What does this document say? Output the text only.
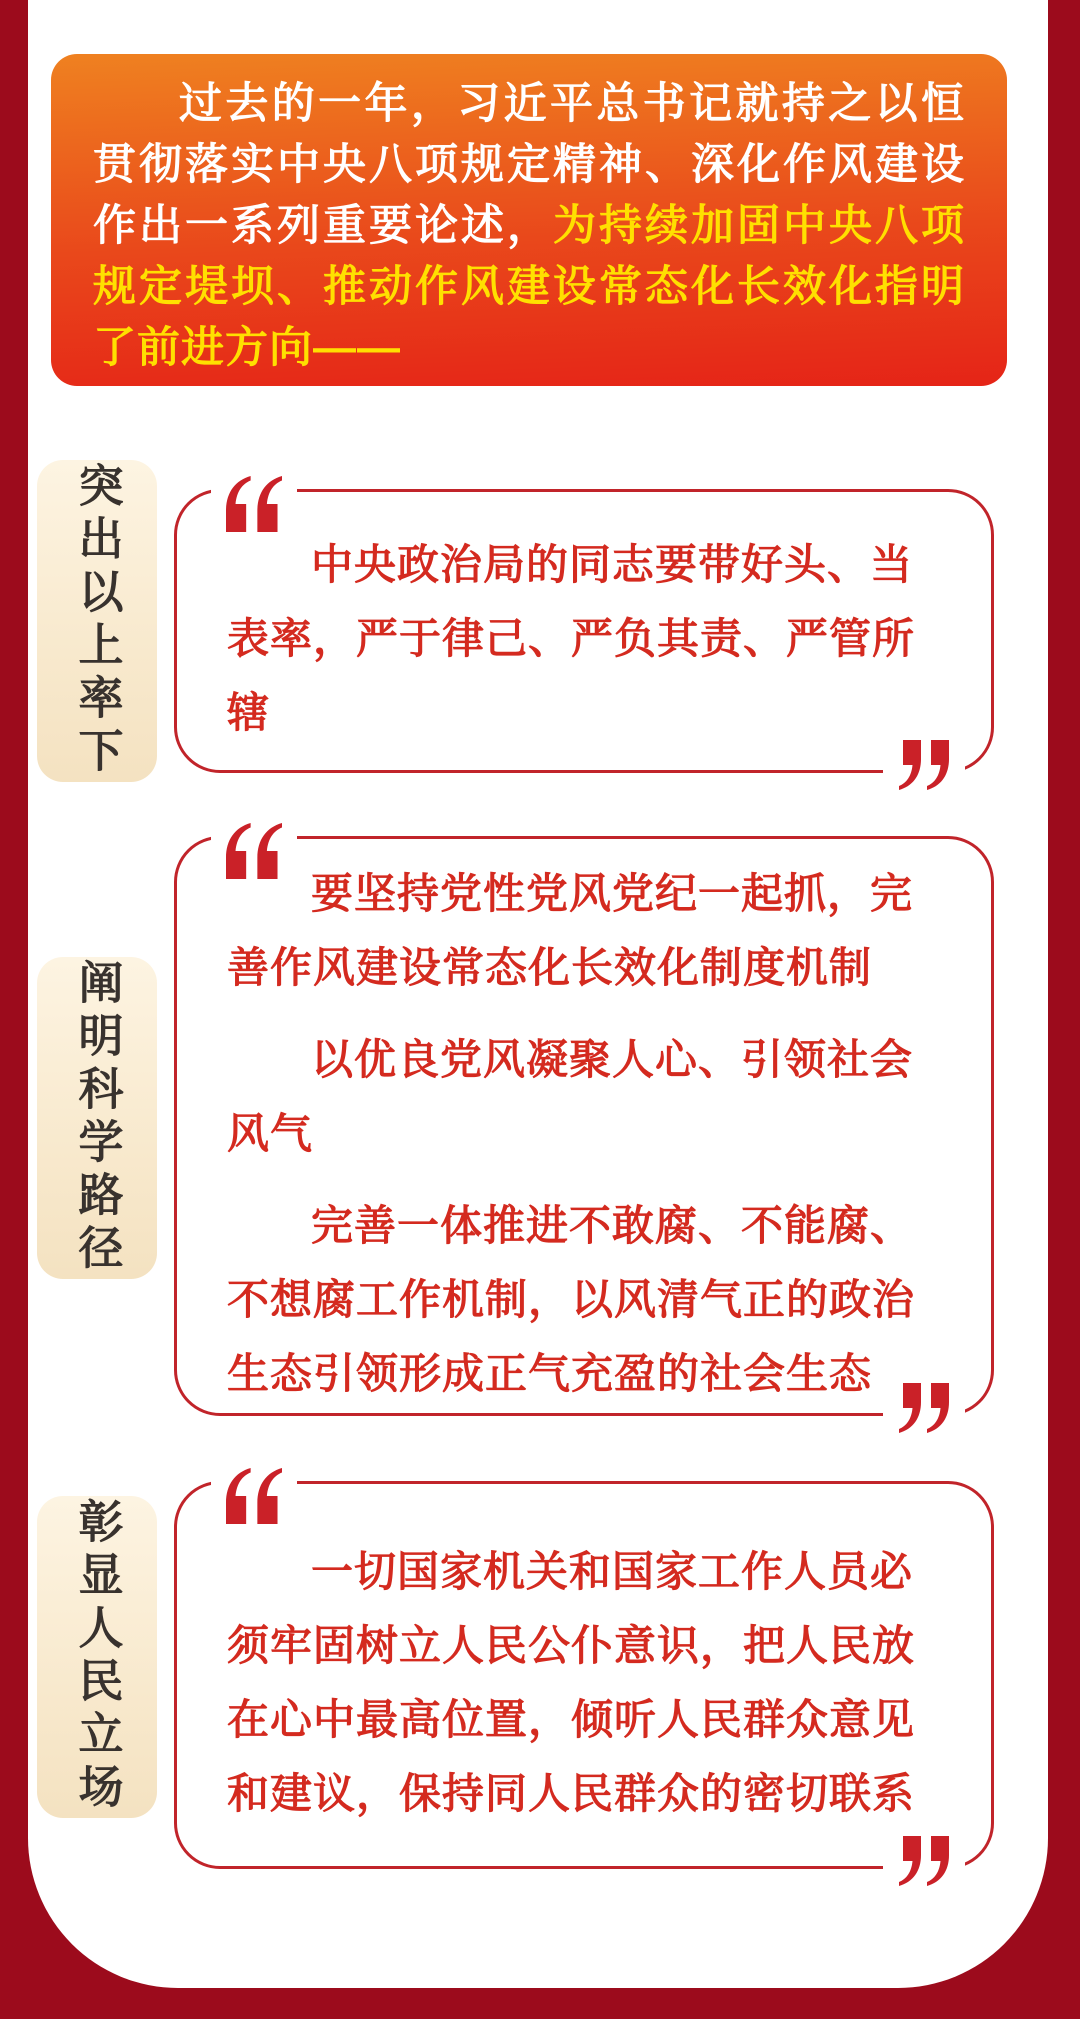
过去的一年，习近平总书记就持之以恒贯彻落实中央八项规定精神、深化作风建设作出一系列重要论述，为持续加固中央八项规定堤坝、推动作风建设常态化长效化指明了前进方向——

突出以上率下	中央政治局的同志要带好头、当表率，严于律己、严负其责、严管所辖

阐明科学路径

要坚持党性党风党纪一起抓，完善作风建设常态化长效化制度机制

以优良党风凝聚人心、引领社会风气

完善一体推进不敢腐、不能腐、不想腐工作机制，以风清气正的政治生态引领形成正气充盈的社会生态

彰显人民立场	一切国家机关和国家工作人员必须牢固树立人民公仆意识，把人民放在心中最高位置，倾听人民群众意见和建议，保持同人民群众的密切联系
